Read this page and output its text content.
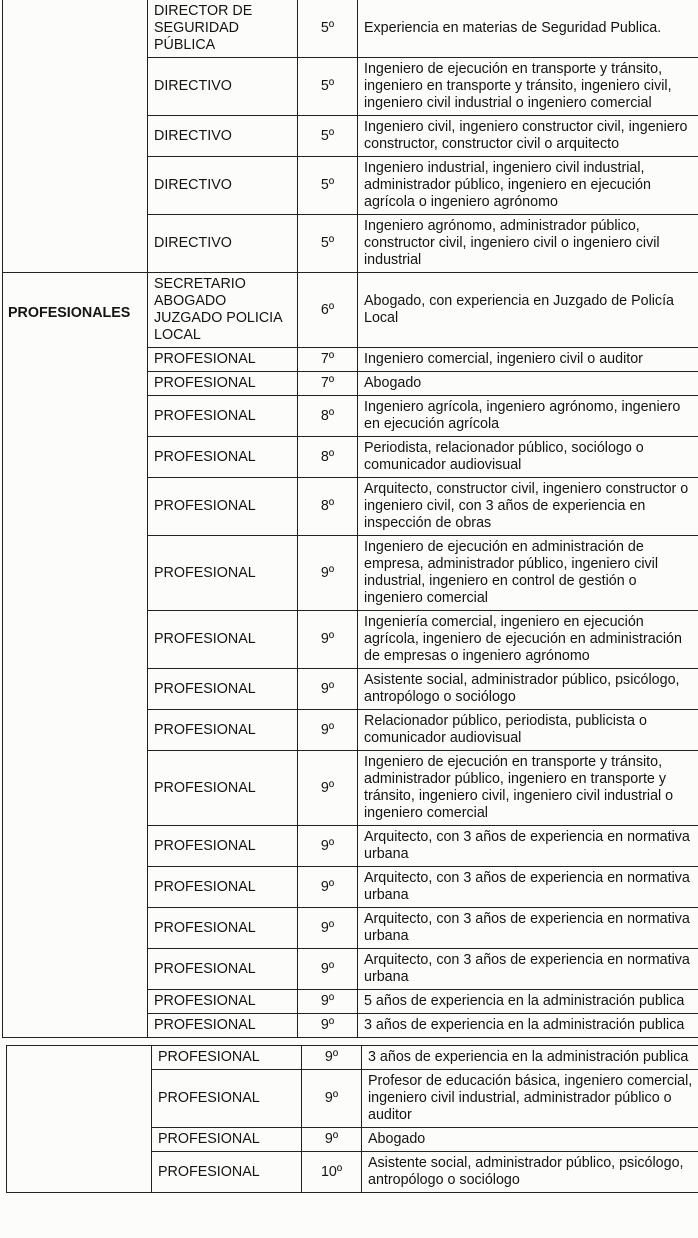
	DIRECTOR DE SEGURIDAD PÚBLICA	5º	Experiencia en materias de Seguridad Publica.
	DIRECTIVO	5º	Ingeniero de ejecución en transporte y tránsito, ingeniero en transporte y tránsito, ingeniero civil, ingeniero civil industrial o ingeniero comercial
	DIRECTIVO	5º	Ingeniero civil, ingeniero constructor civil, ingeniero constructor, constructor civil o arquitecto
	DIRECTIVO	5º	Ingeniero industrial, ingeniero civil industrial, administrador público, ingeniero en ejecución agrícola o ingeniero agrónomo
	DIRECTIVO	5º	Ingeniero agrónomo, administrador público, constructor civil, ingeniero civil o ingeniero civil industrial
PROFESIONALES	SECRETARIO ABOGADO JUZGADO POLICIA LOCAL	6º	Abogado, con experiencia en Juzgado de Policía Local
	PROFESIONAL	7º	Ingeniero comercial, ingeniero civil o auditor
	PROFESIONAL	7º	Abogado
	PROFESIONAL	8º	Ingeniero agrícola, ingeniero agrónomo, ingeniero en ejecución agrícola
	PROFESIONAL	8º	Periodista, relacionador público, sociólogo o comunicador audiovisual
	PROFESIONAL	8º	Arquitecto, constructor civil, ingeniero constructor o ingeniero civil, con 3 años de experiencia en inspección de obras
	PROFESIONAL	9º	Ingeniero de ejecución en administración de empresa, administrador público, ingeniero civil industrial, ingeniero en control de gestión o ingeniero comercial
	PROFESIONAL	9º	Ingeniería comercial, ingeniero en ejecución agrícola, ingeniero de ejecución en administración de empresas o ingeniero agrónomo
	PROFESIONAL	9º	Asistente social, administrador público, psicólogo, antropólogo o sociólogo
	PROFESIONAL	9º	Relacionador público, periodista, publicista o comunicador audiovisual
	PROFESIONAL	9º	Ingeniero de ejecución en transporte y tránsito, administrador público, ingeniero en transporte y tránsito, ingeniero civil, ingeniero civil industrial o ingeniero comercial
	PROFESIONAL	9º	Arquitecto, con 3 años de experiencia en normativa urbana
	PROFESIONAL	9º	Arquitecto, con 3 años de experiencia en normativa urbana
	PROFESIONAL	9º	Arquitecto, con 3 años de experiencia en normativa urbana
	PROFESIONAL	9º	Arquitecto, con 3 años de experiencia en normativa urbana
	PROFESIONAL	9º	5 años de experiencia en la administración publica
	PROFESIONAL	9º	3 años de experiencia en la administración publica
	PROFESIONAL	9º	3 años de experiencia en la administración publica
	PROFESIONAL	9º	Profesor de educación básica, ingeniero comercial, ingeniero civil industrial, administrador público o auditor
	PROFESIONAL	9º	Abogado
	PROFESIONAL	10º	Asistente social, administrador público, psicólogo, antropólogo o sociólogo
